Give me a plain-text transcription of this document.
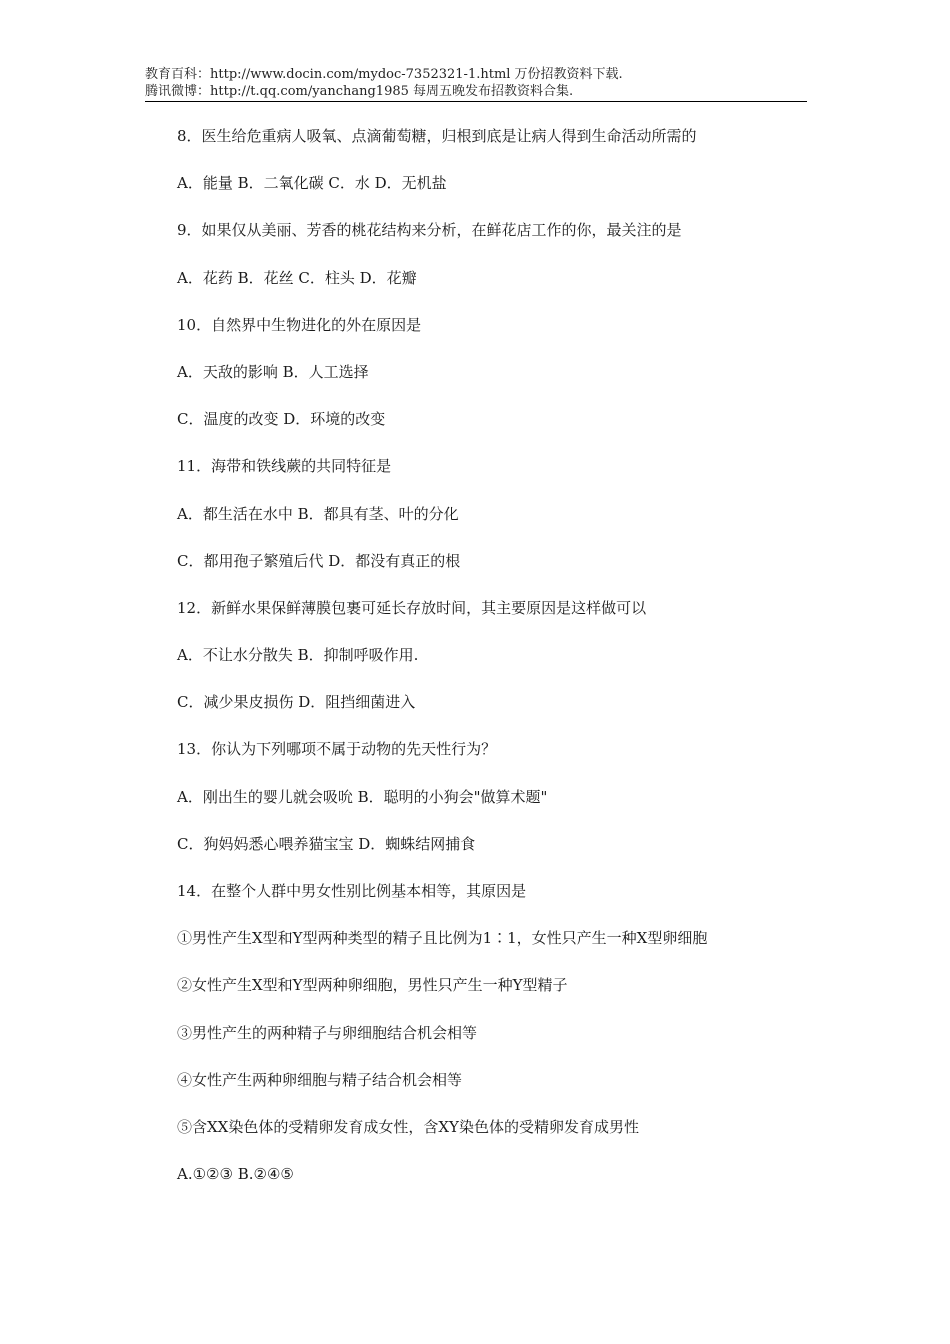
教育百科：http://www.docin.com/mydoc-7352321-1.html 万份招教资料下载.
腾讯微博：http://t.qq.com/yanchang1985 每周五晚发布招教资料合集.
8．医生给危重病人吸氧、点滴葡萄糖，归根到底是让病人得到生命活动所需的
A．能量 B．二氧化碳 C．水 D．无机盐
9．如果仅从美丽、芳香的桃花结构来分析，在鲜花店工作的你，最关注的是
A．花药 B．花丝 C．柱头 D．花瓣
10．自然界中生物进化的外在原因是
A．天敌的影响 B．人工选择
C．温度的改变 D．环境的改变
11．海带和铁线蕨的共同特征是
A．都生活在水中 B．都具有茎、叶的分化
C．都用孢子繁殖后代 D．都没有真正的根
12．新鲜水果保鲜薄膜包裹可延长存放时间，其主要原因是这样做可以
A．不让水分散失 B．抑制呼吸作用.
C．减少果皮损伤 D．阻挡细菌进入
13．你认为下列哪项不属于动物的先天性行为？
A．刚出生的婴儿就会吸吮 B．聪明的小狗会"做算术题"
C．狗妈妈悉心喂养猫宝宝 D．蜘蛛结网捕食
14．在整个人群中男女性别比例基本相等，其原因是
①男性产生X型和Y型两种类型的精子且比例为1∶1，女性只产生一种X型卵细胞
②女性产生X型和Y型两种卵细胞，男性只产生一种Y型精子
③男性产生的两种精子与卵细胞结合机会相等
④女性产生两种卵细胞与精子结合机会相等
⑤含XX染色体的受精卵发育成女性，含XY染色体的受精卵发育成男性
A.①②③ B.②④⑤
